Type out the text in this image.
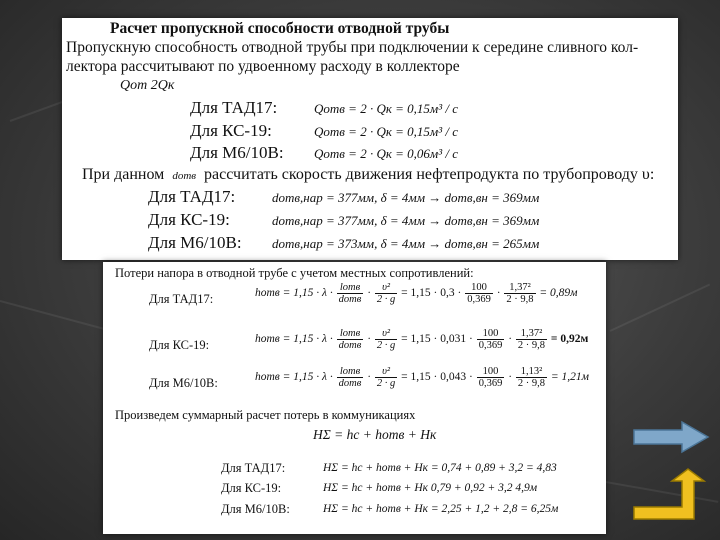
Расчет пропускной способности отводной трубы
Пропускную способность отводной трубы при подключении к середине сливного кол-
лектора рассчитывают по удвоенному расходу в коллекторе
Qот 2Qк
Для ТАД17:	Qотв = 2 · Qк = 0,15м³ / с
Для КС-19:	Qотв = 2 · Qк = 0,15м³ / с
Для М6/10В: Qотв = 2 · Qк = 0,06м³ / с
При данном dотв рассчитать скорость движения нефтепродукта по трубопроводу υ:
Для ТАД17:	dотв,нар = 377мм, δ = 4мм → dотв,вн = 369мм
Для КС-19:	dотв,нар = 377мм, δ = 4мм → dотв,вн = 369мм
Для М6/10В: dотв,нар = 373мм, δ = 4мм → dотв,вн = 265мм
Потери напора в отводной трубе с учетом местных сопротивлений:
Для ТАД17:	hотв = $1,15 \cdot \lambda \cdot \frac{\text{lотв}}{\text{dотв}} \cdot \frac{\text{υ²}}{2 \cdot g} = 1,15 \cdot 0,3 \cdot \frac{100}{0,369} \cdot \frac{\text{1,37²}}{2 \cdot 9,8} = 0,89м$
Для КС-19:	hотв = $1,15 \cdot \lambda \cdot \frac{\text{lотв}}{\text{dотв}} \cdot \frac{\text{υ²}}{2 \cdot g} = 1,15 \cdot 0,031 \cdot \frac{100}{0,369} \cdot \frac{\text{1,37²}}{2 \cdot 9,8} = 0,92м$
Для М6/10В:	hотв = $1,15 \cdot \lambda \cdot \frac{\text{lотв}}{\text{dотв}} \cdot \frac{\text{υ²}}{2 \cdot g} = 1,15 \cdot 0,043 \cdot \frac{100}{0,369} \cdot \frac{\text{1,13²}}{2 \cdot 9,8} = 1,21м$
Произведем суммарный расчет потерь в коммуникациях
HΣ = hс + hотв + Hк
Для ТАД17:	HΣ = hс + hотв + Hк = 0,74 + 0,89 + 3,2 = 4,83
Для КС-19:	HΣ = hс + hотв + Hк 0,79 + 0,92 + 3,2 4,9м
Для М6/10В:	HΣ = hс + hотв + Hк = 2,25 + 1,2 + 2,8 = 6,25м
